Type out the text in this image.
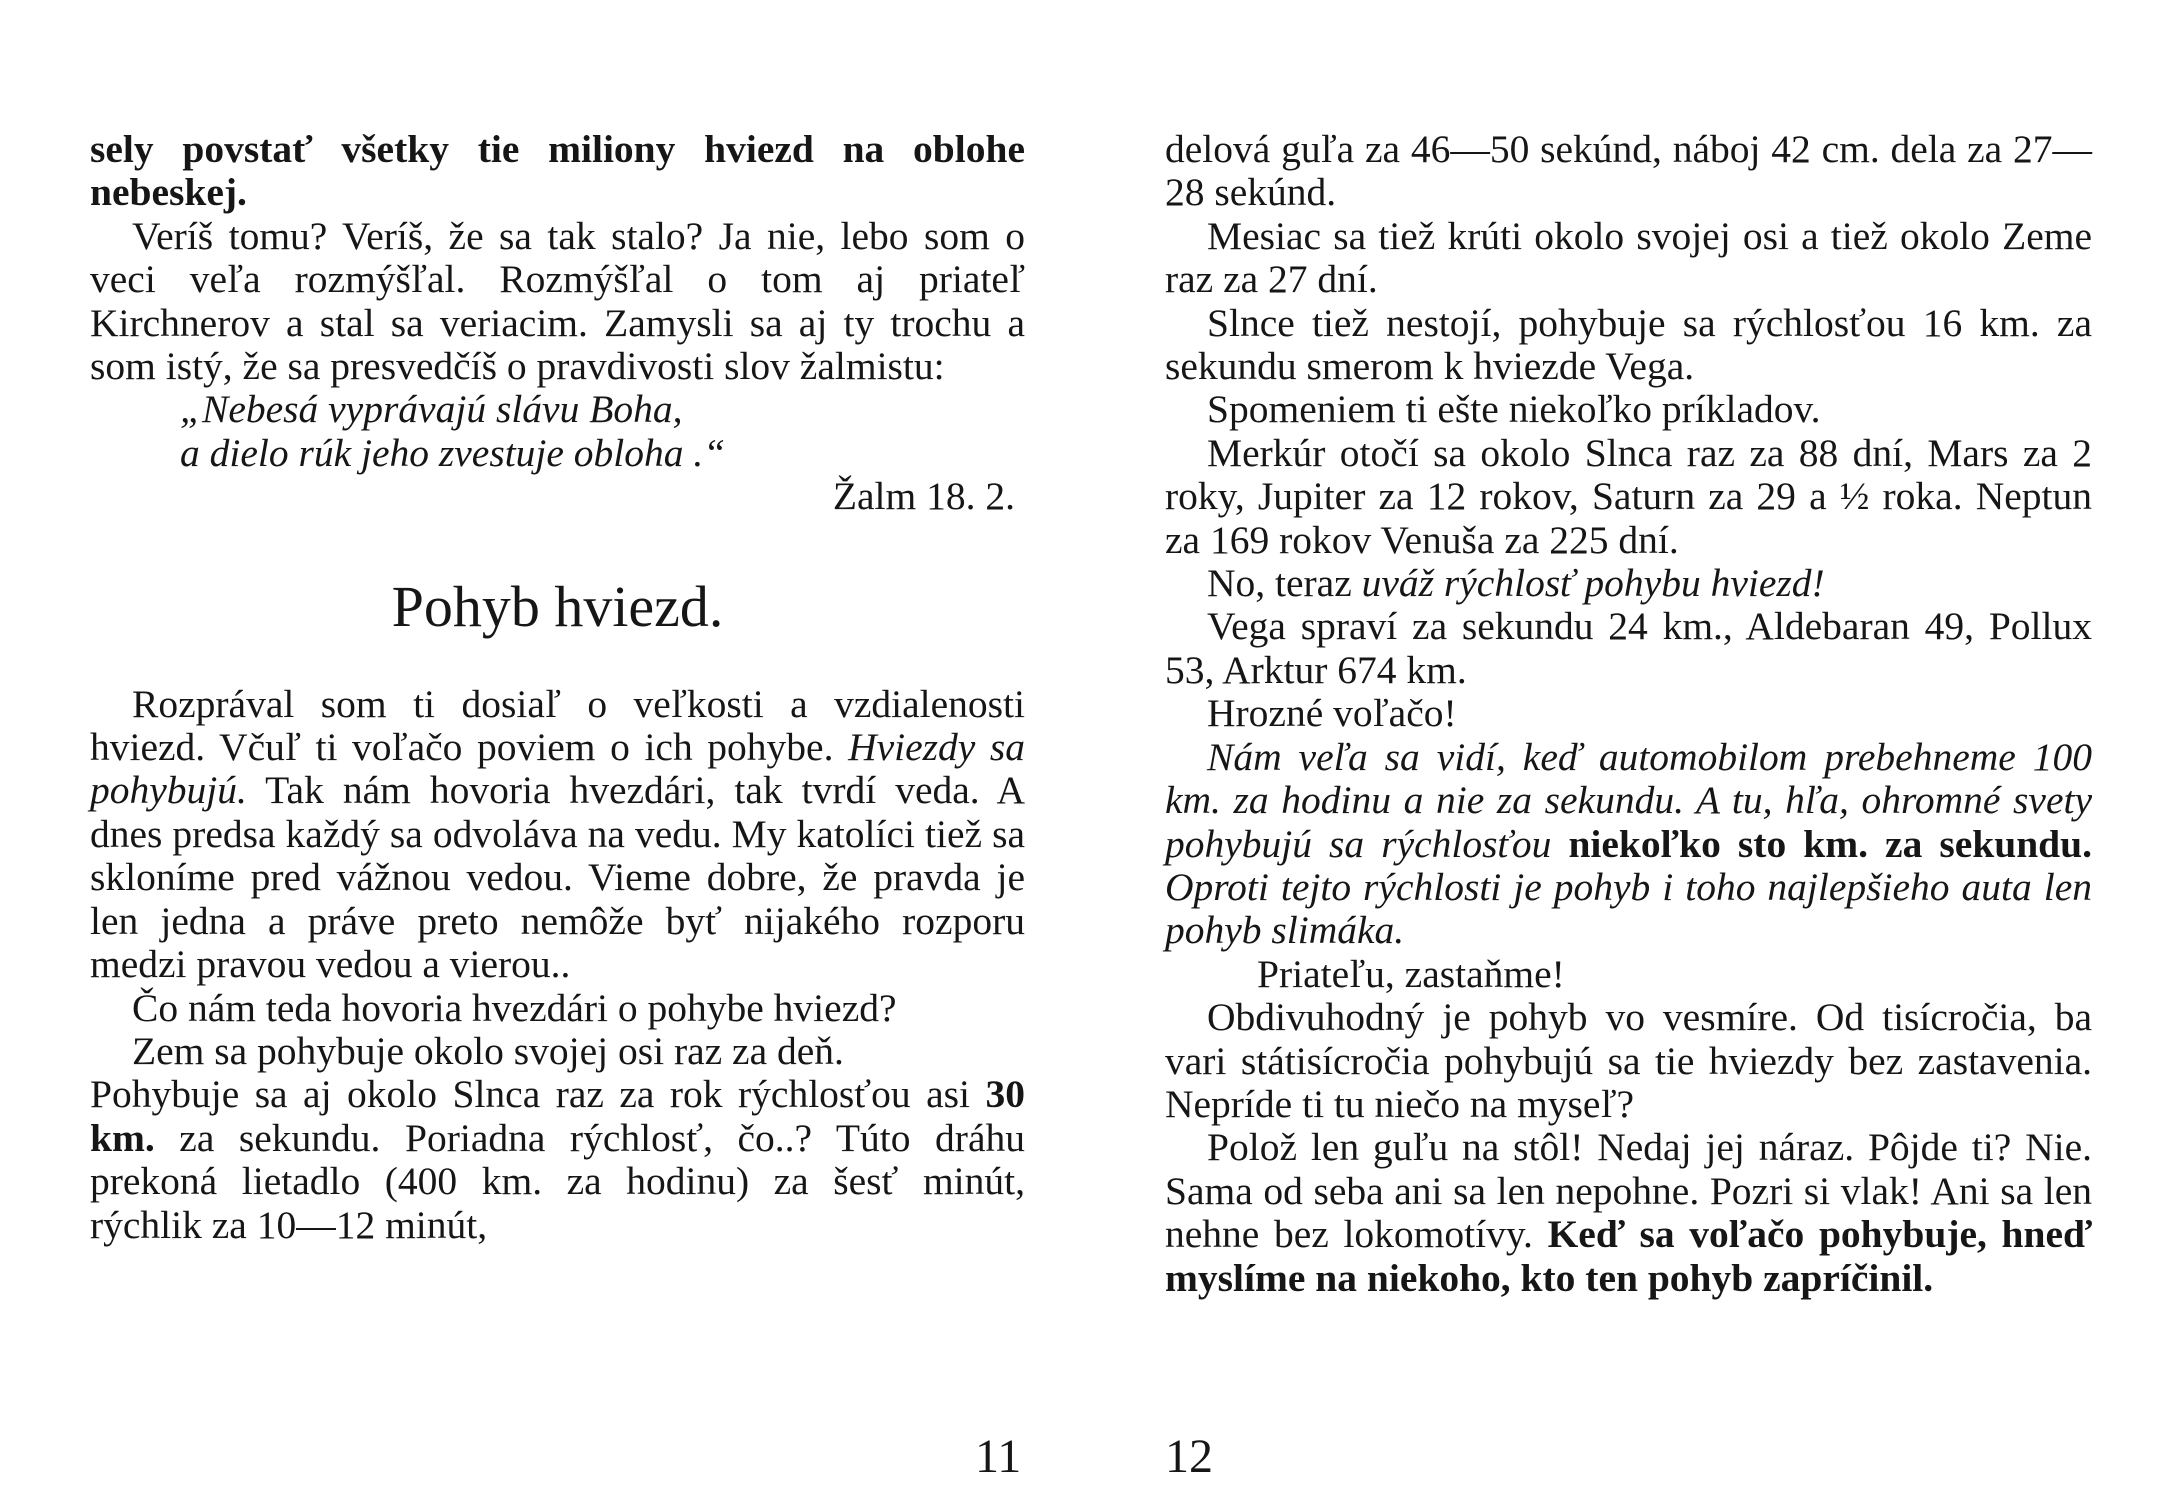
sely povstať všetky tie miliony hviezd na oblohe nebeskej.

Veríš tomu? Veríš, že sa tak stalo? Ja nie, lebo som o veci veľa rozmýšľal. Rozmýšľal o tom aj priateľ Kirchnerov a stal sa veriacim. Zamysli sa aj ty trochu a som istý, že sa presvedčíš o pravdivosti slov žalmistu:

„Nebesá vyprávajú slávu Boha,

a dielo rúk jeho zvestuje obloha .“

Žalm 18. 2.

Pohyb hviezd.

Rozprával som ti dosiaľ o veľkosti a vzdialenosti hviezd. Včuľ ti voľačo poviem o ich pohybe. Hviezdy sa pohybujú. Tak nám hovoria hvezdári, tak tvrdí veda. A dnes predsa každý sa odvoláva na vedu. My katolíci tiež sa skloníme pred vážnou vedou. Vieme dobre, že pravda je len jedna a práve preto nemôže byť nijakého rozporu medzi pravou vedou a vierou..

Čo nám teda hovoria hvezdári o pohybe hviezd?

Zem sa pohybuje okolo svojej osi raz za deň.

Pohybuje sa aj okolo Slnca raz za rok rýchlosťou asi 30 km. za sekundu. Poriadna rýchlosť, čo..? Túto dráhu prekoná lietadlo (400 km. za hodinu) za šesť minút, rýchlik za 10—12 minút,

delová guľa za 46—50 sekúnd, náboj 42 cm. dela za 27—28 sekúnd.

Mesiac sa tiež krúti okolo svojej osi a tiež okolo Zeme raz za 27 dní.

Slnce tiež nestojí, pohybuje sa rýchlosťou 16 km. za sekundu smerom k hviezde Vega.

Spomeniem ti ešte niekoľko príkladov.

Merkúr otočí sa okolo Slnca raz za 88 dní, Mars za 2 roky, Jupiter za 12 rokov, Saturn za 29 a ½ roka. Neptun za 169 rokov Venuša za 225 dní.

No, teraz uváž rýchlosť pohybu hviezd!

Vega spraví za sekundu 24 km., Aldebaran 49, Pollux 53, Arktur 674 km.

Hrozné voľačo!

Nám veľa sa vidí, keď automobilom prebehneme 100 km. za hodinu a nie za sekundu. A tu, hľa, ohromné svety pohybujú sa rýchlosťou niekoľko sto km. za sekundu. Oproti tejto rýchlosti je pohyb i toho najlepšieho auta len pohyb slimáka.

Priateľu, zastaňme!

Obdivuhodný je pohyb vo vesmíre. Od tisícročia, ba vari státisícročia pohybujú sa tie hviezdy bez zastavenia. Nepríde ti tu niečo na myseľ?

Polož len guľu na stôl! Nedaj jej náraz. Pôjde ti? Nie. Sama od seba ani sa len nepohne. Pozri si vlak! Ani sa len nehne bez lokomotívy. Keď sa voľačo pohybuje, hneď myslíme na niekoho, kto ten pohyb zapríčinil.

11	12
